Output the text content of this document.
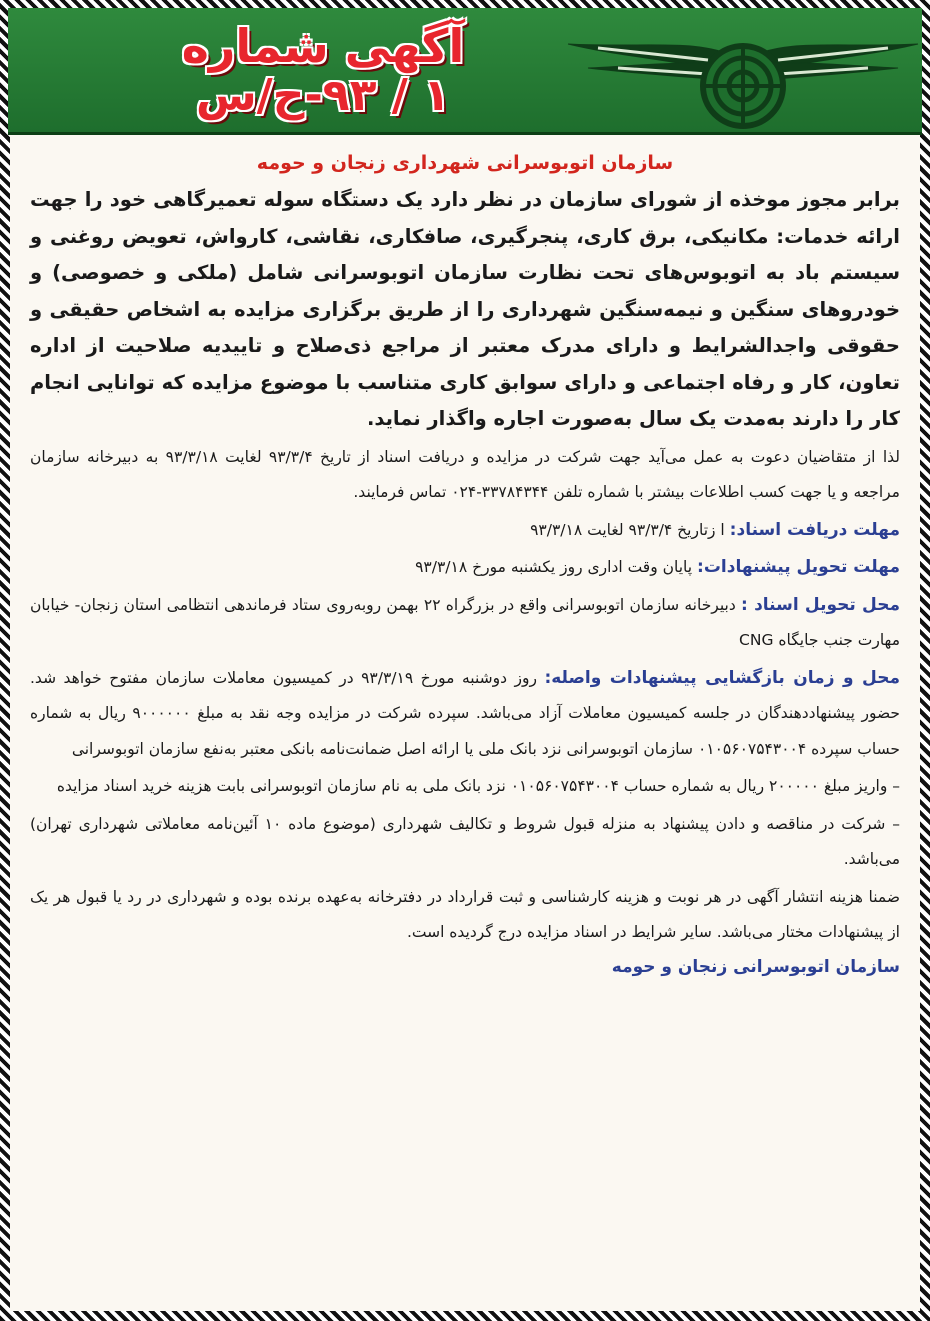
آگهی شماره
۱ / ۹۳-ح/س
سازمان اتوبوسرانی شهرداری زنجان و حومه

برابر مجوز موخذه از شورای سازمان در نظر دارد یک دستگاه سوله تعمیرگاهی خود را جهت ارائه خدمات: مکانیکی، برق کاری، پنجرگیری، صافکاری، نقاشی، کارواش، تعویض روغنی و سیستم باد به اتوبوس‌های تحت نظارت سازمان اتوبوسرانی شامل (ملکی و خصوصی) و خودروهای سنگین و نیمه‌سنگین شهرداری را از طریق برگزاری مزایده به اشخاص حقیقی و حقوقی واجدالشرایط و دارای مدرک معتبر از مراجع ذی‌صلاح و تاییدیه صلاحیت از اداره تعاون، کار و رفاه اجتماعی و دارای سوابق کاری متناسب با موضوع مزایده که توانایی انجام کار را دارند به‌مدت یک سال به‌صورت اجاره واگذار نماید.

لذا از متقاضیان دعوت به عمل می‌آید جهت شرکت در مزایده و دریافت اسناد از تاریخ ۹۳/۳/۴ لغایت ۹۳/۳/۱۸ به دبیرخانه سازمان مراجعه و یا جهت کسب اطلاعات بیشتر با شماره تلفن ۳۳۷۸۴۳۴۴-۰۲۴ تماس فرمایند.

مهلت دریافت اسناد: ا زتاریخ ۹۳/۳/۴ لغایت ۹۳/۳/۱۸

مهلت تحویل پیشنهادات: پایان وقت اداری روز یکشنبه مورخ ۹۳/۳/۱۸

محل تحویل اسناد : دبیرخانه سازمان اتوبوسرانی واقع در بزرگراه ۲۲ بهمن روبه‌روی ستاد فرماندهی انتظامی استان زنجان- خیابان مهارت جنب جایگاه CNG

محل و زمان بازگشایی پیشنهادات واصله: روز دوشنبه مورخ ۹۳/۳/۱۹ در کمیسیون معاملات سازمان مفتوح خواهد شد. حضور پیشنهاددهندگان در جلسه کمیسیون معاملات آزاد می‌باشد. سپرده شرکت در مزایده وجه نقد به مبلغ ۹۰۰۰۰۰۰ ریال به شماره حساب سپرده ۰۱۰۵۶۰۷۵۴۳۰۰۴ سازمان اتوبوسرانی نزد بانک ملی یا ارائه اصل ضمانت‌نامه بانکی معتبر به‌نفع سازمان اتوبوسرانی

– واریز مبلغ ۲۰۰۰۰۰ ریال به شماره حساب ۰۱۰۵۶۰۷۵۴۳۰۰۴ نزد بانک ملی به نام سازمان اتوبوسرانی بابت هزینه خرید اسناد مزایده

– شرکت در مناقصه و دادن پیشنهاد به منزله قبول شروط و تکالیف شهرداری (موضوع ماده ۱۰ آئین‌نامه معاملاتی شهرداری تهران) می‌باشد.

ضمنا هزینه انتشار آگهی در هر نوبت و هزینه کارشناسی و ثبت قرارداد در دفترخانه به‌عهده برنده بوده و شهرداری در رد یا قبول هر یک از پیشنهادات مختار می‌باشد. سایر شرایط در اسناد مزایده درج گردیده است.

سازمان اتوبوسرانی زنجان و حومه
